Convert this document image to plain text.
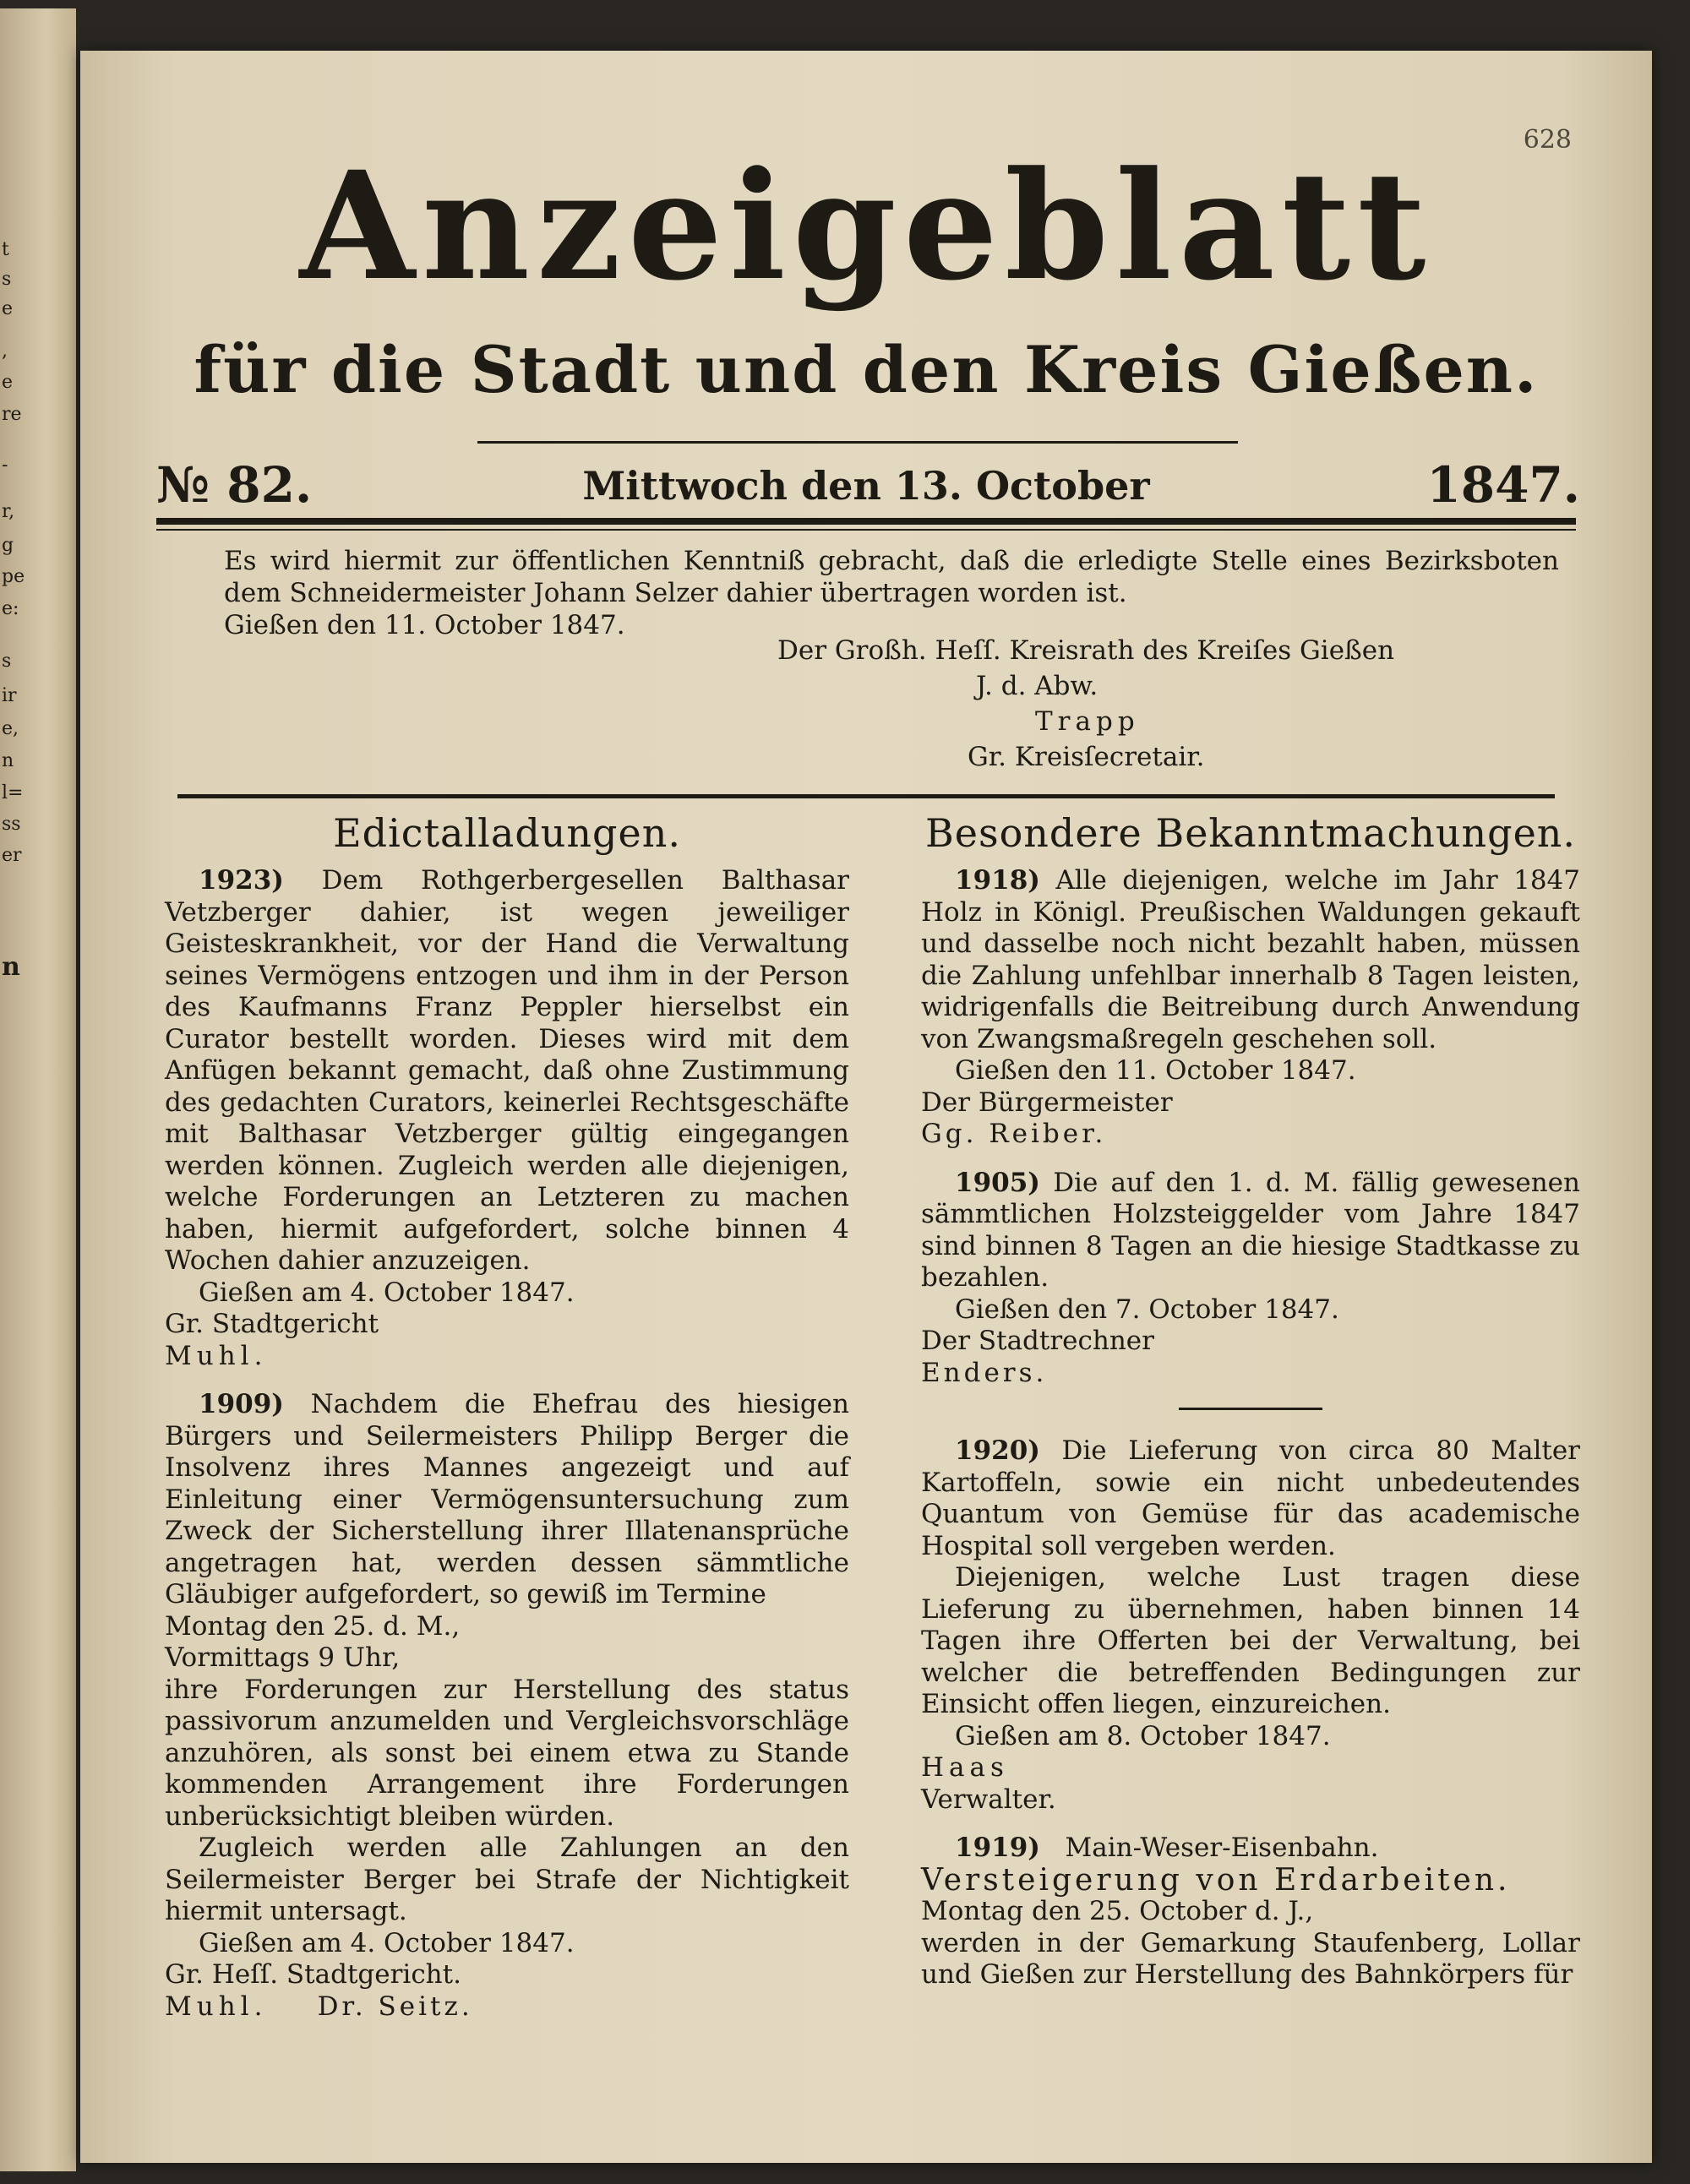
t
s
e
,
e
re
-
r,
g
pe
e:
s
ir
e,
n
l=
ss
er
n
628
Anzeigeblatt
für die Stadt und den Kreis Gießen.
№ 82.	Mittwoch den 13. October	1847.

Es wird hiermit zur öffentlichen Kenntniß gebracht, daß die erledigte Stelle eines Bezirksboten dem Schneidermeister Johann Selzer dahier übertragen worden ist.

Gießen den 11. October 1847.

Der Großh. Heſſ. Kreisrath des Kreiſes Gießen
J. d. Abw.
Trapp
Gr. Kreisſecretair.
Edictalladungen.

1923) Dem Rothgerbergesellen Balthasar Vetzberger dahier, ist wegen jeweiliger Geisteskrankheit, vor der Hand die Verwaltung seines Vermögens entzogen und ihm in der Person des Kaufmanns Franz Peppler hierselbst ein Curator bestellt worden. Dieses wird mit dem Anfügen bekannt gemacht, daß ohne Zustimmung des gedachten Curators, keinerlei Rechtsgeschäfte mit Balthasar Vetzberger gültig eingegangen werden können. Zugleich werden alle diejenigen, welche Forderungen an Letzteren zu machen haben, hiermit aufgefordert, solche binnen 4 Wochen dahier anzuzeigen.

Gießen am 4. October 1847.

Gr. Stadtgericht

Muhl.

1909) Nachdem die Ehefrau des hiesigen Bürgers und Seilermeisters Philipp Berger die Insolvenz ihres Mannes angezeigt und auf Einleitung einer Vermögensuntersuchung zum Zweck der Sicherstellung ihrer Illatenansprüche angetragen hat, werden dessen sämmtliche Gläubiger aufgefordert, so gewiß im Termine

Montag den 25. d. M.,

Vormittags 9 Uhr,

ihre Forderungen zur Herstellung des status passivorum anzumelden und Vergleichsvorschläge anzuhören, als sonst bei einem etwa zu Stande kommenden Arrangement ihre Forderungen unberücksichtigt bleiben würden.

Zugleich werden alle Zahlungen an den Seilermeister Berger bei Strafe der Nichtigkeit hiermit untersagt.

Gießen am 4. October 1847.

Gr. Heſſ. Stadtgericht.

Muhl. Dr. Seitz.

Besondere Bekanntmachungen.

1918) Alle diejenigen, welche im Jahr 1847 Holz in Königl. Preußischen Waldungen gekauft und dasselbe noch nicht bezahlt haben, müssen die Zahlung unfehlbar innerhalb 8 Tagen leisten, widrigenfalls die Beitreibung durch Anwendung von Zwangsmaßregeln geschehen soll.

Gießen den 11. October 1847.

Der Bürgermeister

Gg. Reiber.

1905) Die auf den 1. d. M. fällig gewesenen sämmtlichen Holzsteiggelder vom Jahre 1847 sind binnen 8 Tagen an die hiesige Stadtkasse zu bezahlen.

Gießen den 7. October 1847.

Der Stadtrechner

Enders.

1920) Die Lieferung von circa 80 Malter Kartoffeln, sowie ein nicht unbedeutendes Quantum von Gemüse für das academische Hospital soll vergeben werden.

Diejenigen, welche Lust tragen diese Lieferung zu übernehmen, haben binnen 14 Tagen ihre Offerten bei der Verwaltung, bei welcher die betreffenden Bedingungen zur Einsicht offen liegen, einzureichen.

Gießen am 8. October 1847.

Haas

Verwalter.

1919) Main-Weser-Eisenbahn.

Versteigerung von Erdarbeiten.

Montag den 25. October d. J.,

werden in der Gemarkung Staufenberg, Lollar und Gießen zur Herstellung des Bahnkörpers für
